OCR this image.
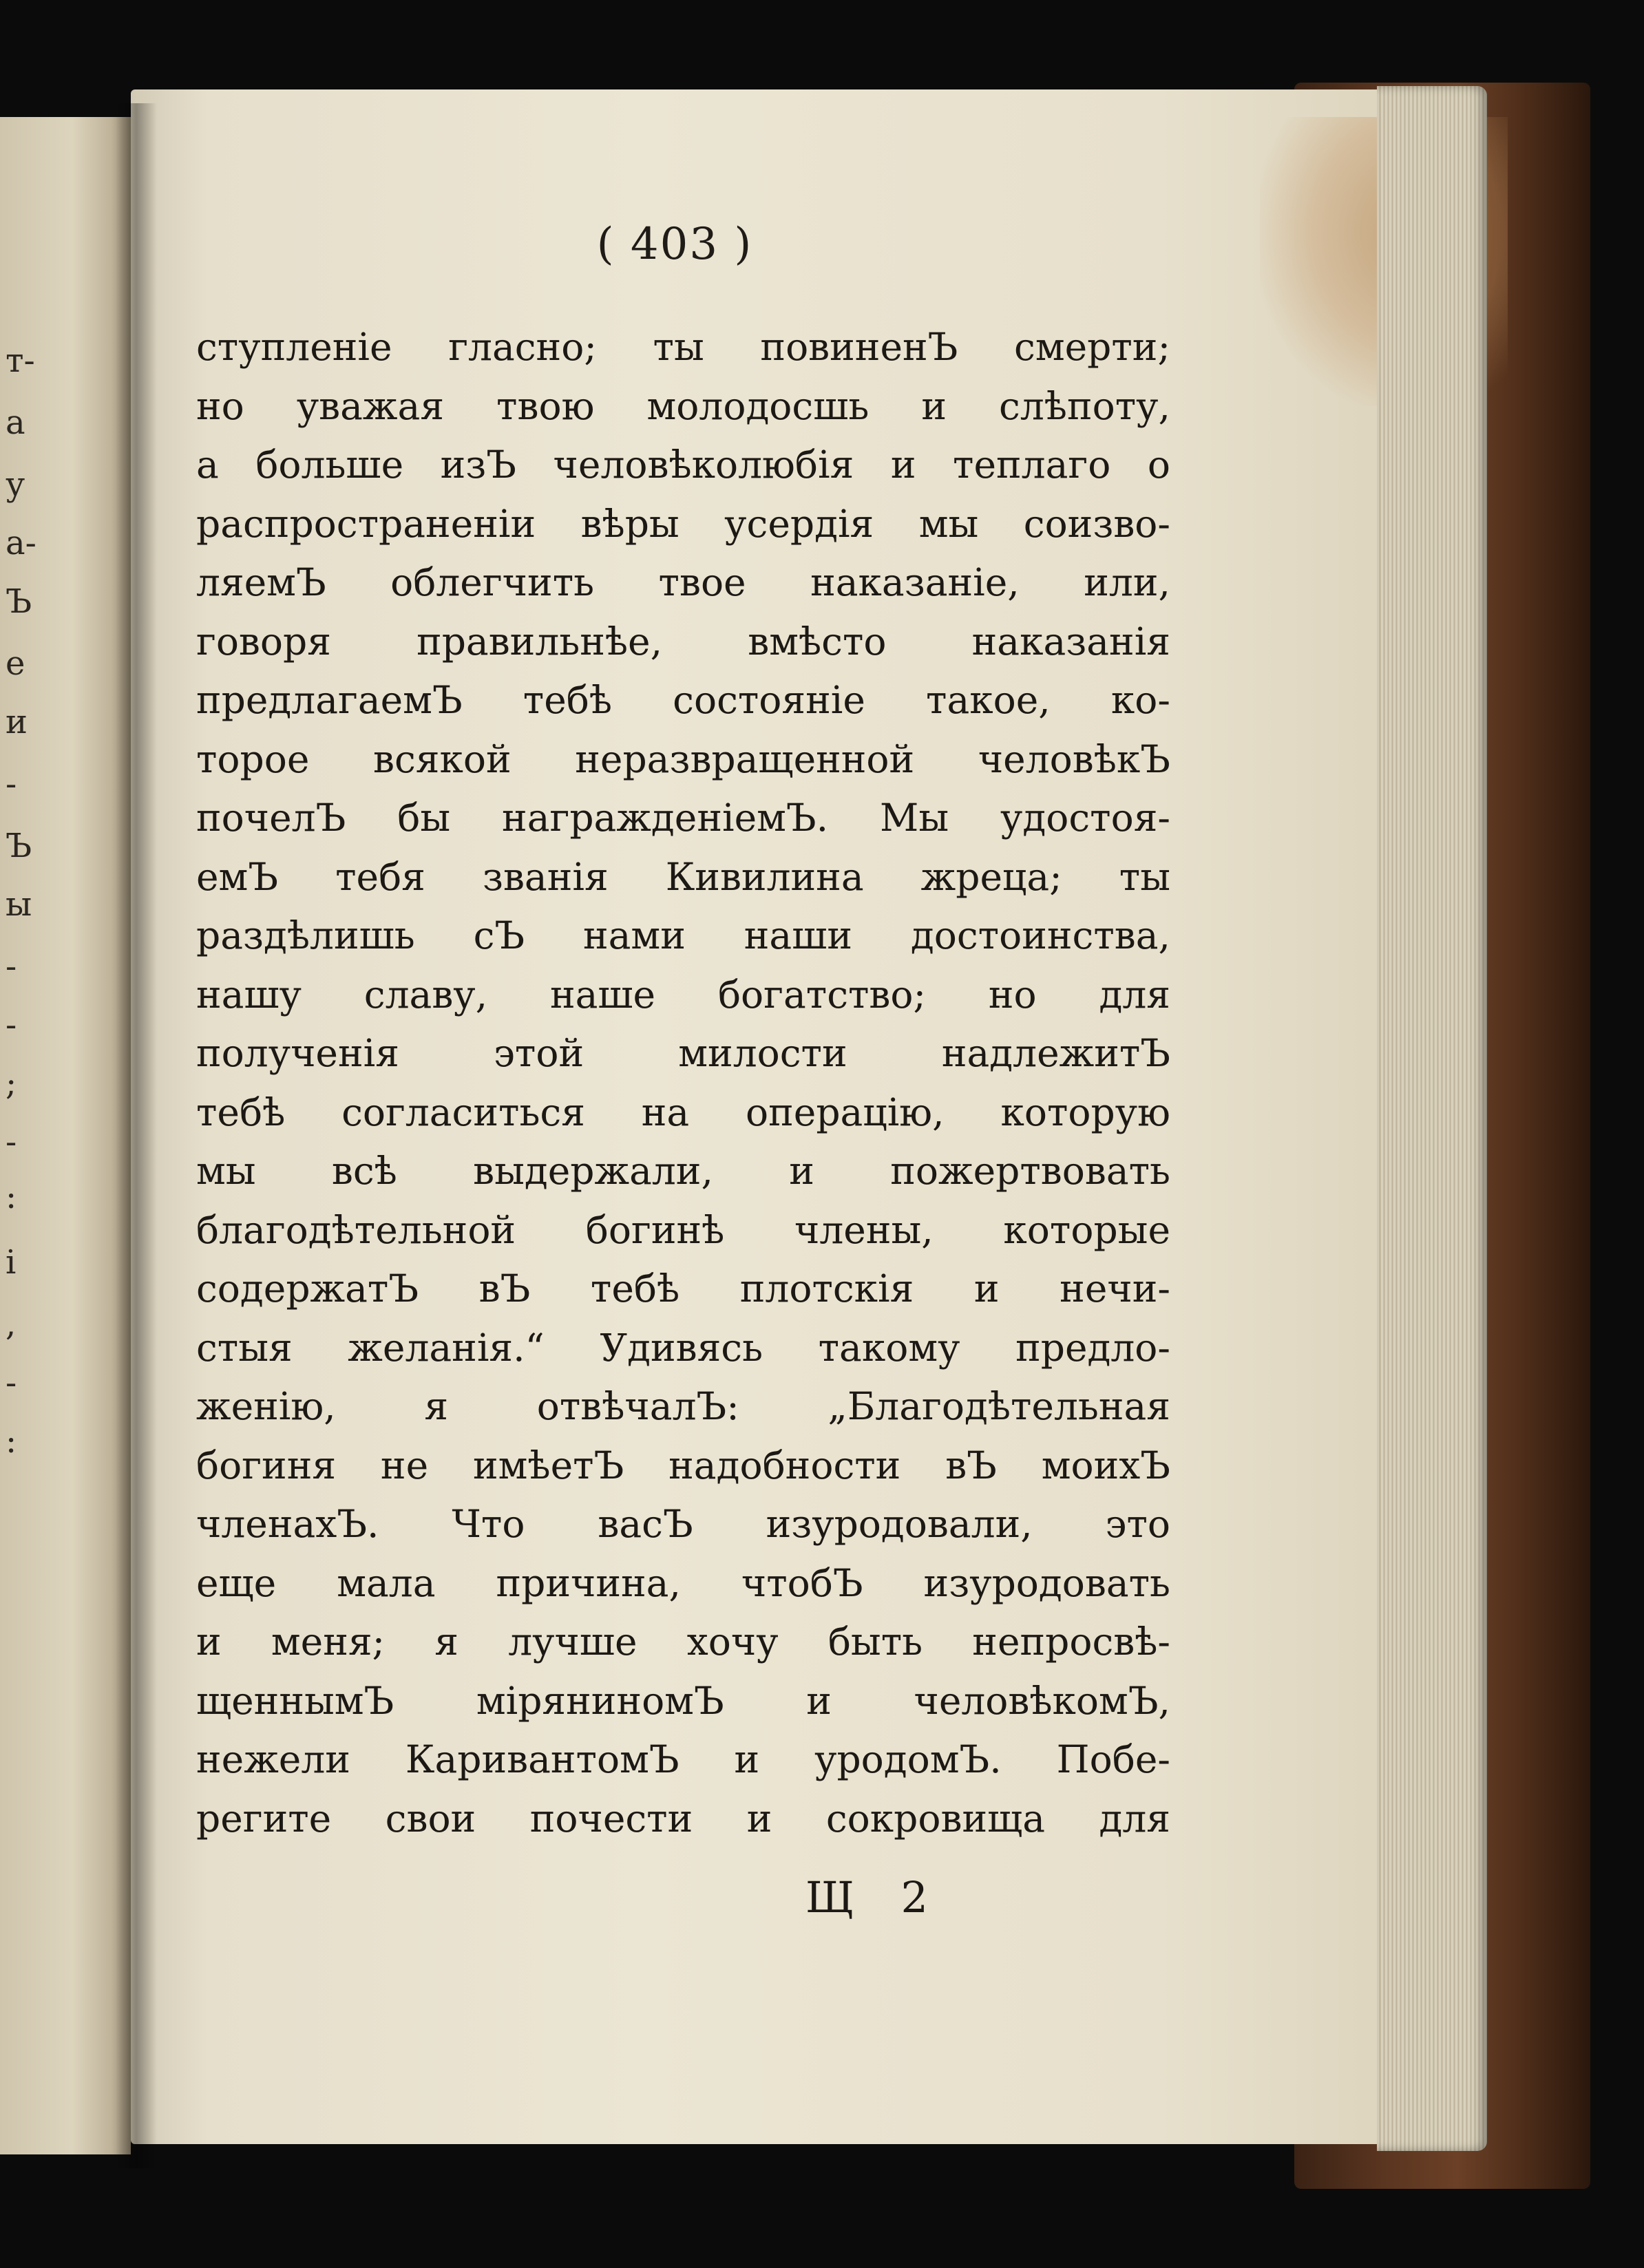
т-
а
у
а-
Ъ
е
и
-
Ъ
ы
-
-
;
-
:
і
,
-
:
( 403 )
ступленіе гласно; ты повиненЪ смерти;
но уважая твою молодосшь и слѣпоту,
а больше изЪ человѣколюбія и теплаго о
распространеніи вѣры усердія мы соизво-
ляемЪ облегчить твое наказаніе, или,
говоря правильнѣе, вмѣсто наказанія
предлагаемЪ тебѣ состояніе такое, ко-
торое всякой неразвращенной человѣкЪ
почелЪ бы награжденіемЪ. Мы удостоя-
емЪ тебя званія Кивилина жреца; ты
раздѣлишь сЪ нами наши достоинства,
нашу славу, наше богатство; но для
полученія этой милости надлежитЪ
тебѣ согласиться на операцію, которую
мы всѣ выдержали, и пожертвовать
благодѣтельной богинѣ члены, которые
содержатЪ вЪ тебѣ плотскія и нечи-
стыя желанія.“ Удивясь такому предло-
женію, я отвѣчалЪ: „Благодѣтельная
богиня не имѣетЪ надобности вЪ моихЪ
членахЪ. Что васЪ изуродовали, это
еще мала причина, чтобЪ изуродовать
и меня; я лучше хочу быть непросвѣ-
щеннымЪ міряниномЪ и человѣкомЪ,
нежели КаривантомЪ и уродомЪ. Побе-
регите свои почести и сокровища для
Щ 2
